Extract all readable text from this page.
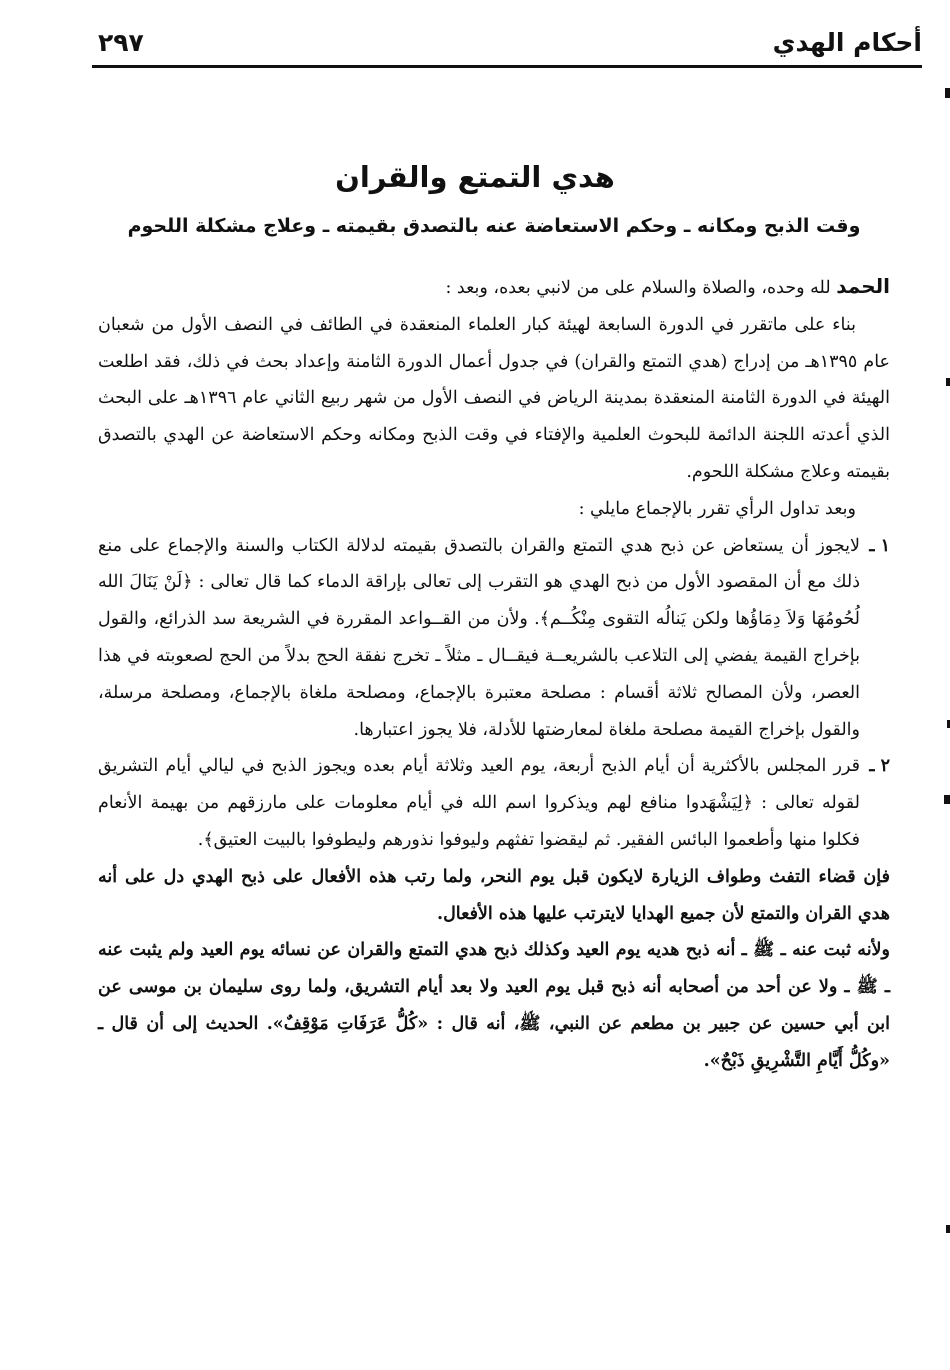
أحكام الهدي
٢٩٧
هدي التمتع والقران
وقت الذبح ومكانه ـ وحكم الاستعاضة عنه بالتصدق بقيمته ـ وعلاج مشكلة اللحوم

الحمد لله وحده، والصلاة والسلام على من لانبي بعده، وبعد :

بناء على ماتقرر في الدورة السابعة لهيئة كبار العلماء المنعقدة في الطائف في النصف الأول من شعبان عام ١٣٩٥هـ من إدراج (هدي التمتع والقران) في جدول أعمال الدورة الثامنة وإعداد بحث في ذلك، فقد اطلعت الهيئة في الدورة الثامنة المنعقدة بمدينة الرياض في النصف الأول من شهر ربيع الثاني عام ١٣٩٦هـ على البحث الذي أعدته اللجنة الدائمة للبحوث العلمية والإفتاء في وقت الذبح ومكانه وحكم الاستعاضة عن الهدي بالتصدق بقيمته وعلاج مشكلة اللحوم.

وبعد تداول الرأي تقرر بالإجماع مايلي :

١ ـ
لايجوز أن يستعاض عن ذبح هدي التمتع والقران بالتصدق بقيمته لدلالة الكتاب والسنة والإجماع على منع ذلك مع أن المقصود الأول من ذبح الهدي هو التقرب إلى تعالى بإراقة الدماء كما قال تعالى : ﴿لَنْ يَنَالَ الله لُحُومُهَا وَلاَ دِمَاؤُها ولكن يَنالُه التقوى مِنْكُــم﴾. ولأن من القــواعد المقررة في الشريعة سد الذرائع، والقول بإخراج القيمة يفضي إلى التلاعب بالشريعــة فيقــال ـ مثلاً ـ تخرج نفقة الحج بدلاً من الحج لصعوبته في هذا العصر، ولأن المصالح ثلاثة أقسام : مصلحة معتبرة بالإجماع، ومصلحة ملغاة بالإجماع، ومصلحة مرسلة، والقول بإخراج القيمة مصلحة ملغاة لمعارضتها للأدلة، فلا يجوز اعتبارها.
٢ ـ
قرر المجلس بالأكثرية أن أيام الذبح أربعة، يوم العيد وثلاثة أيام بعده ويجوز الذبح في ليالي أيام التشريق لقوله تعالى : ﴿لِيَشْهَدوا منافع لهم ويذكروا اسم الله في أيام معلومات على مارزقهم من بهيمة الأنعام فكلوا منها وأطعموا البائس الفقير. ثم ليقضوا تفثهم وليوفوا نذورهم وليطوفوا بالبيت العتيق﴾.

فإن قضاء التفث وطواف الزيارة لايكون قبل يوم النحر، ولما رتب هذه الأفعال على ذبح الهدي دل على أنه هدي القران والتمتع لأن جميع الهدايا لايترتب عليها هذه الأفعال.

ولأنه ثبت عنه ـ ﷺ ـ أنه ذبح هديه يوم العيد وكذلك ذبح هدي التمتع والقران عن نسائه يوم العيد ولم يثبت عنه ـ ﷺ ـ ولا عن أحد من أصحابه أنه ذبح قبل يوم العيد ولا بعد أيام التشريق، ولما روى سليمان بن موسى عن ابن أبي حسين عن جبير بن مطعم عن النبي، ﷺ، أنه قال : «كُلُّ عَرَفَاتِ مَوْقِفٌ». الحديث إلى أن قال ـ «وكُلُّ أَيَّامِ التَّشْرِيقِ ذَبْحٌ».
